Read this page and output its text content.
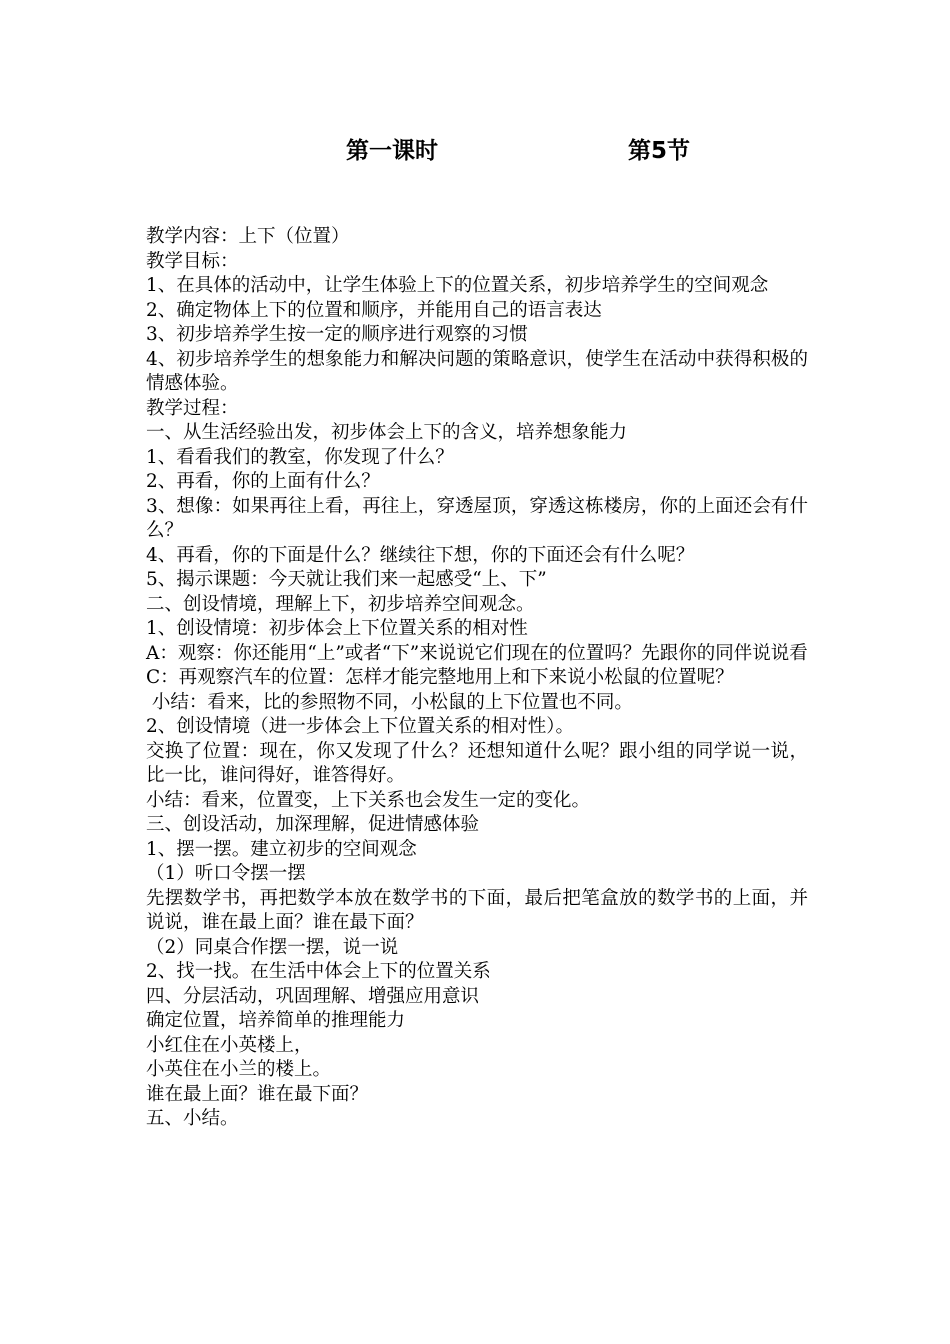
第一课时	第5节
教学内容：上下（位置）
教学目标：
1、在具体的活动中，让学生体验上下的位置关系，初步培养学生的空间观念
2、确定物体上下的位置和顺序，并能用自己的语言表达
3、初步培养学生按一定的顺序进行观察的习惯
4、初步培养学生的想象能力和解决问题的策略意识，使学生在活动中获得积极的情感体验。
教学过程：
一、从生活经验出发，初步体会上下的含义，培养想象能力
1、看看我们的教室，你发现了什么？
2、再看，你的上面有什么？
3、想像：如果再往上看，再往上，穿透屋顶，穿透这栋楼房，你的上面还会有什么？
4、再看，你的下面是什么？继续往下想，你的下面还会有什么呢？
5、揭示课题：今天就让我们来一起感受“上、下”
二、创设情境，理解上下，初步培养空间观念。
1、创设情境：初步体会上下位置关系的相对性
A：观察：你还能用“上”或者“下”来说说它们现在的位置吗？先跟你的同伴说说看
C：再观察汽车的位置：怎样才能完整地用上和下来说小松鼠的位置呢？
小结：看来，比的参照物不同，小松鼠的上下位置也不同。
2、创设情境（进一步体会上下位置关系的相对性）。
交换了位置：现在，你又发现了什么？还想知道什么呢？跟小组的同学说一说，比一比，谁问得好，谁答得好。
小结：看来，位置变，上下关系也会发生一定的变化。
三、创设活动，加深理解，促进情感体验
1、摆一摆。建立初步的空间观念
（1）听口令摆一摆
先摆数学书，再把数学本放在数学书的下面，最后把笔盒放的数学书的上面，并说说，谁在最上面？谁在最下面？
（2）同桌合作摆一摆，说一说
2、找一找。在生活中体会上下的位置关系
四、分层活动，巩固理解、增强应用意识
确定位置，培养简单的推理能力
小红住在小英楼上，
小英住在小兰的楼上。
谁在最上面？谁在最下面？
五、小结。
